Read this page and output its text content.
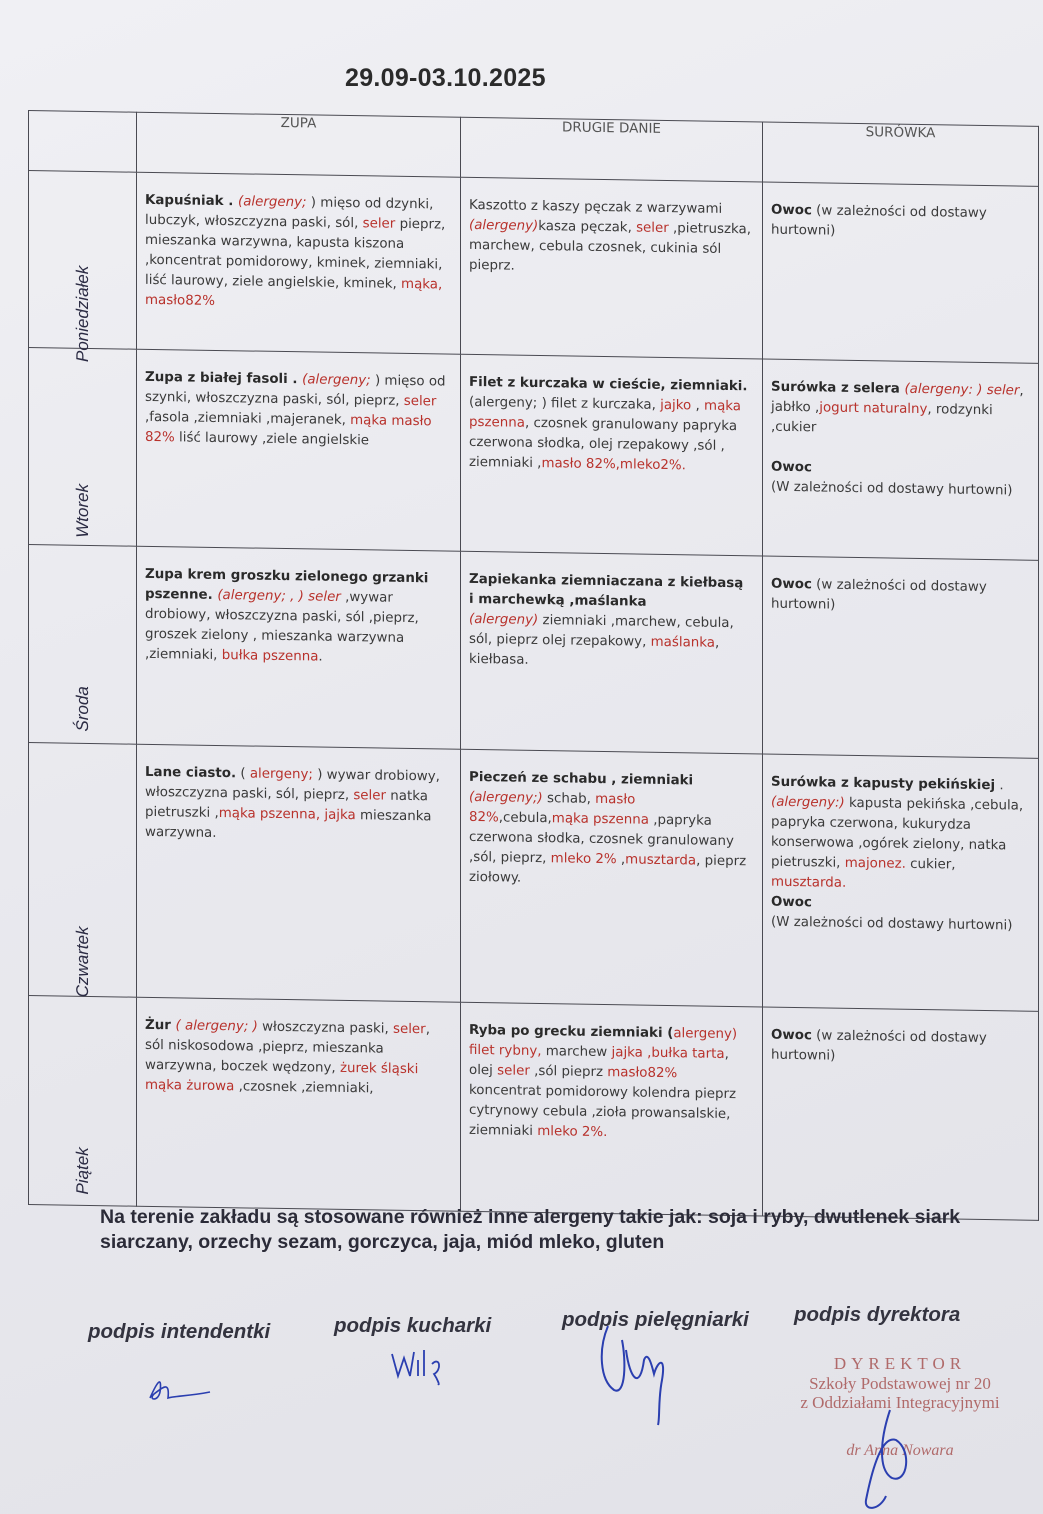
29.09-03.10.2025
	ZUPA	DRUGIE DANIE	SURÓWKA

Poniedziałek	Kapuśniak . (alergeny; ) mięso od dzynki, lubczyk, włoszczyzna paski, sól, seler pieprz, mieszanka warzywna, kapusta kiszona ,koncentrat pomidorowy, kminek, ziemniaki, liść laurowy, ziele angielskie, kminek, mąka, masło82%	Kaszotto z kaszy pęczak z warzywami (alergeny)kasza pęczak, seler ,pietruszka, marchew, cebula czosnek, cukinia sól pieprz.	Owoc (w zależności od dostawy hurtowni)

Wtorek	Zupa z białej fasoli . (alergeny; ) mięso od szynki, włoszczyzna paski, sól, pieprz, seler ,fasola ,ziemniaki ,majeranek, mąka masło 82% liść laurowy ,ziele angielskie	Filet z kurczaka w cieście, ziemniaki. (alergeny; ) filet z kurczaka, jajko , mąka pszenna, czosnek granulowany papryka czerwona słodka, olej rzepakowy ,sól , ziemniaki ,masło 82%,mleko2%.	Surówka z selera (alergeny: ) seler, jabłko ,jogurt naturalny, rodzynki ,cukier

Owoc
(W zależności od dostawy hurtowni)

Środa	Zupa krem groszku zielonego grzanki pszenne. (alergeny; , ) seler ,wywar drobiowy, włoszczyzna paski, sól ,pieprz, groszek zielony , mieszanka warzywna ,ziemniaki, bułka pszenna.	Zapiekanka ziemniaczana z kiełbasą i marchewką ,maślanka
(alergeny) ziemniaki ,marchew, cebula, sól, pieprz olej rzepakowy, maślanka, kiełbasa.	Owoc (w zależności od dostawy hurtowni)

Czwartek	Lane ciasto. ( alergeny; ) wywar drobiowy, włoszczyzna paski, sól, pieprz, seler natka pietruszki ,mąka pszenna, jajka mieszanka warzywna.	Pieczeń ze schabu , ziemniaki (alergeny;) schab, masło 82%,cebula,mąka pszenna ,papryka czerwona słodka, czosnek granulowany ,sól, pieprz, mleko 2% ,musztarda, pieprz ziołowy.	Surówka z kapusty pekińskiej .(alergeny:) kapusta pekińska ,cebula, papryka czerwona, kukurydza konserwowa ,ogórek zielony, natka pietruszki, majonez. cukier, musztarda.
Owoc
(W zależności od dostawy hurtowni)

Piątek	Żur ( alergeny; ) włoszczyzna paski, seler, sól niskosodowa ,pieprz, mieszanka warzywna, boczek wędzony, żurek śląski mąka żurowa ,czosnek ,ziemniaki,	Ryba po grecku ziemniaki (alergeny) filet rybny, marchew jajka ,bułka tarta, olej seler ,sól pieprz masło82% koncentrat pomidorowy kolendra pieprz cytrynowy cebula ,zioła prowansalskie, ziemniaki mleko 2%.	Owoc (w zależności od dostawy hurtowni)
Na terenie zakładu są stosowane również inne alergeny takie jak: soja i ryby, dwutlenek siark
siarczany, orzechy sezam, gorczyca, jaja, miód mleko, gluten
podpis intendentki	podpis kucharki	podpis pielęgniarki podpis dyrektora
DYREKTOR
Szkoły Podstawowej nr 20
z Oddziałami Integracyjnymi
dr Anna Nowara
